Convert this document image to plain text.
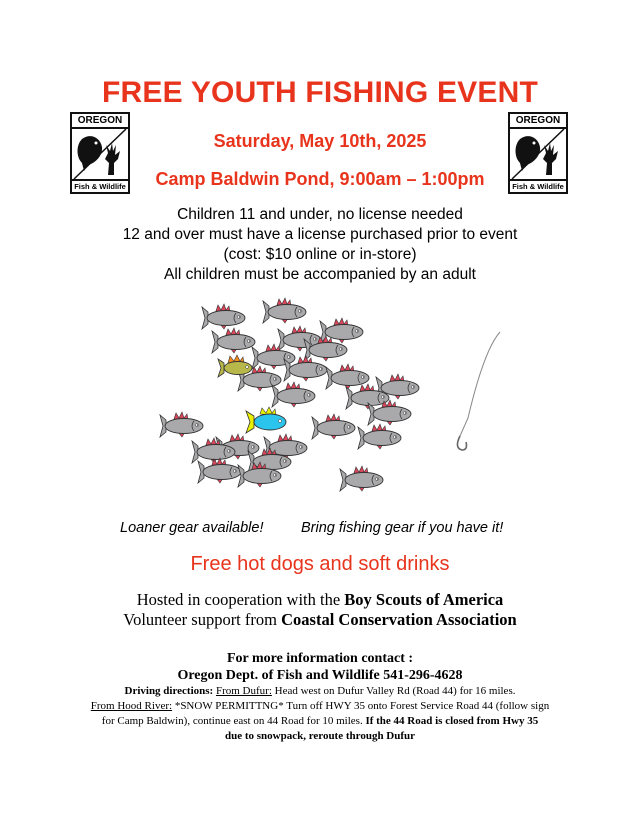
FREE YOUTH FISHING EVENT
OREGON
Fish & Wildlife
OREGON
Fish & Wildlife
Saturday, May 10th, 2025
Camp Baldwin Pond, 9:00am – 1:00pm
Children 11 and under, no license needed
12 and over must have a license purchased prior to event
(cost: $10 online or in-store)
All children must be accompanied by an adult
Loaner gear available!	Bring fishing gear if you have it!
Free hot dogs and soft drinks
Hosted in cooperation with the Boy Scouts of America
Volunteer support from Coastal Conservation Association
For more information contact :
Oregon Dept. of Fish and Wildlife 541-296-4628
Driving directions: From Dufur: Head west on Dufur Valley Rd (Road 44) for 16 miles.
From Hood River: *SNOW PERMITTNG* Turn off HWY 35 onto Forest Service Road 44 (follow sign
for Camp Baldwin), continue east on 44 Road for 10 miles. If the 44 Road is closed from Hwy 35
due to snowpack, reroute through Dufur
